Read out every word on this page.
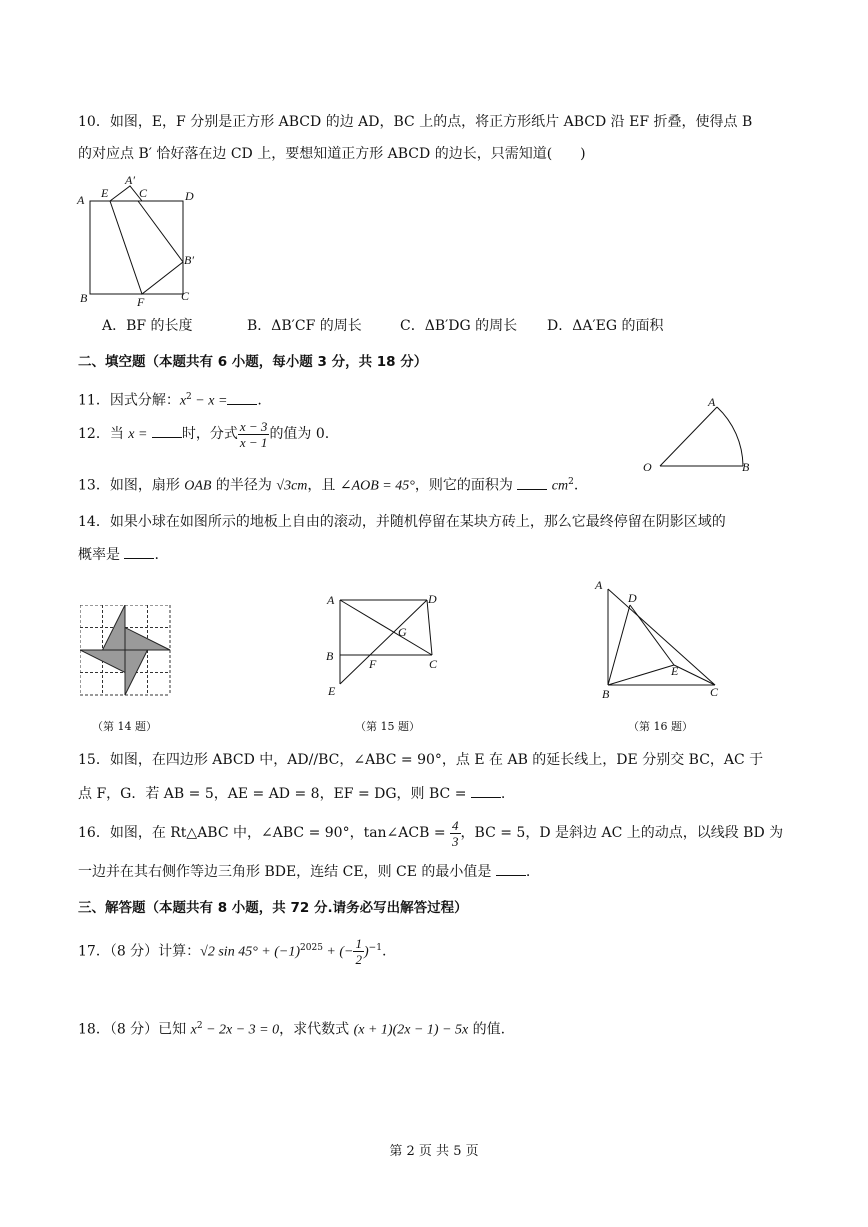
10．如图，E，F 分别是正方形 ABCD 的边 AD，BC 上的点，将正方形纸片 ABCD 沿 EF 折叠，使得点 B
的对应点 B′ 恰好落在边 CD 上，要想知道正方形 ABCD 的边长，只需知道(　　)
A
A′
E	C	D
B′
B	F	C
A．BF 的长度	B．ΔB′CF 的周长	C．ΔB′DG 的周长 D．ΔA′EG 的面积
二、填空题（本题共有 6 小题，每小题 3 分，共 18 分）
11．因式分解：$x^2 - x$ = .
12．当 x = 时，分式 $\frac{x - 3}{x - 1}$ 的值为 0.
A
O	B
13．如图，扇形 OAB 的半径为 √3cm，且 ∠AOB = 45°，则它的面积为  $cm^2$.
14．如果小球在如图所示的地板上自由的滚动，并随机停留在某块方砖上，那么它最终停留在阴影区域的
概率是 .
（第 14 题）
A	D
G
B
F	C
E
（第 15 题）
A
D
E
B	C
（第 16 题）
15．如图，在四边形 ABCD 中，AD//BC，∠ABC = 90°，点 E 在 AB 的延长线上，DE 分别交 BC，AC 于
点 F，G．若 AB = 5，AE = AD = 8，EF = DG，则 BC = .
16．如图，在 Rt△ABC 中，∠ABC = 90°，tan∠ACB = $\frac{4}{3}$ ，BC = 5，D 是斜边 AC 上的动点，以线段 BD 为
一边并在其右侧作等边三角形 BDE，连结 CE，则 CE 的最小值是 .
三、解答题（本题共有 8 小题，共 72 分.请务必写出解答过程）
17．（8 分）计算：√2 $\sin 45^\circ + (-1)^{2025}$ + (− $\frac{1}{2} )^{-1}$.
18．（8 分）已知 $x^2 - 2x - 3 = 0$，求代数式 (x + 1)(2x − 1) − 5x 的值.
第 2 页 共 5 页
